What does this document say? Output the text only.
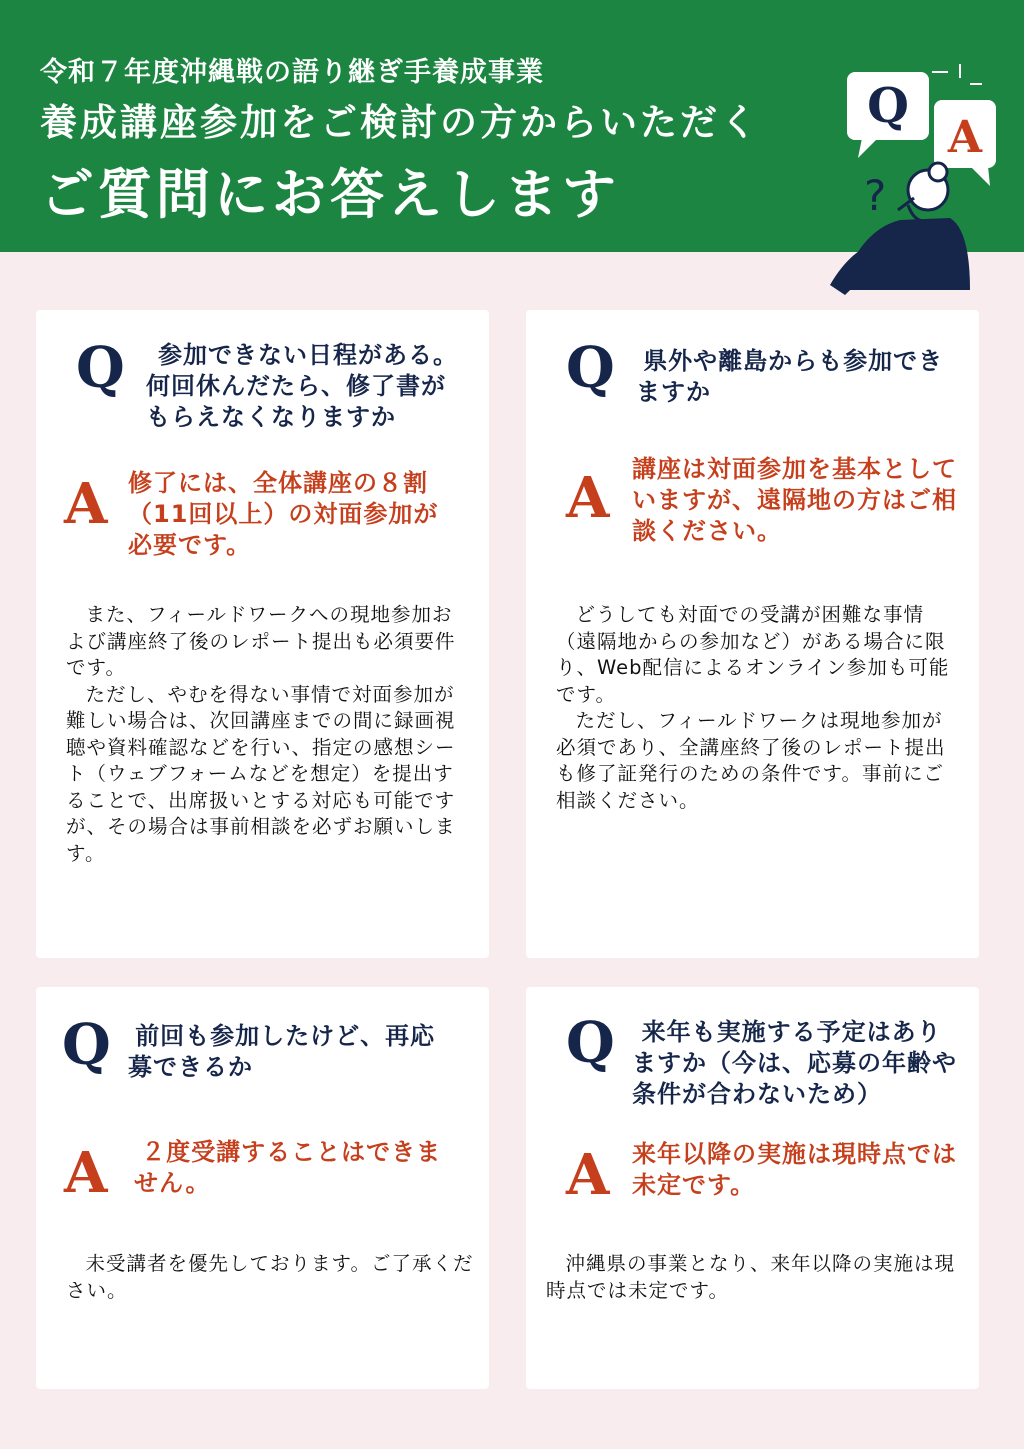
令和７年度沖縄戦の語り継ぎ手養成事業
養成講座参加をご検討の方からいただく
ご質問にお答えします
Q
A
?
Q	参加できない日程がある。何回休んだたら、修了書がもらえなくなりますか
A 修了には、全体講座の８割（11回以上）の対面参加が必要です。

また、フィールドワークへの現地参加および講座終了後のレポート提出も必須要件です。

ただし、やむを得ない事情で対面参加が難しい場合は、次回講座までの間に録画視聴や資料確認などを行い、指定の感想シート（ウェブフォームなどを想定）を提出することで、出席扱いとする対応も可能ですが、その場合は事前相談を必ずお願いします。

Q 県外や離島からも参加できますか
A 講座は対面参加を基本としていますが、遠隔地の方はご相談ください。

どうしても対面での受講が困難な事情（遠隔地からの参加など）がある場合に限り、Web配信によるオンライン参加も可能です。

ただし、フィールドワークは現地参加が必須であり、全講座終了後のレポート提出も修了証発行のための条件です。事前にご相談ください。

Q 前回も参加したけど、再応募できるか
A ２度受講することはできません。

未受講者を優先しております。ご了承ください。

Q	来年も実施する予定はありますか（今は、応募の年齢や条件が合わないため）
A 来年以降の実施は現時点では未定です。

沖縄県の事業となり、来年以降の実施は現時点では未定です。
